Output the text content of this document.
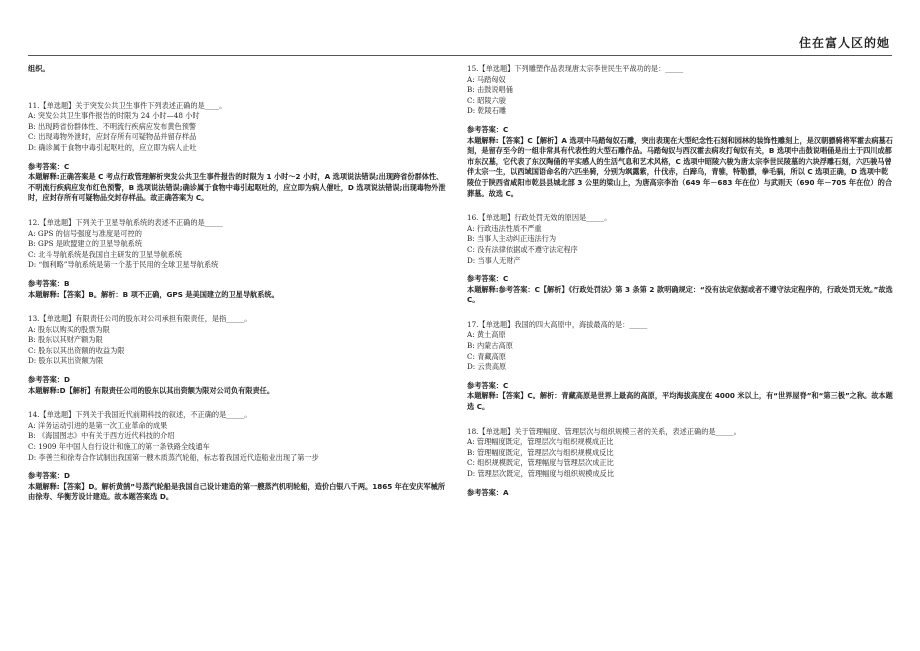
住在富人区的她
组织。
11.【单选题】关于突发公共卫生事件下列表述正确的是____。
A: 突发公共卫生事件报告的时限为 24 小时—48 小时
B: 出现跨省份群体性、不明流行疾病应发布黄色预警
C: 出现毒物外泄时，应封存所有可疑物品并留存样品
D: 确诊属于食物中毒引起呕吐的，应立即为病人止吐
参考答案：C
本题解释:正确答案是 C 考点行政管理解析突发公共卫生事件报告的时限为 1 小时～2 小时，A 选项说法错误;出现跨省份群体性、不明流行疾病应发布红色预警，B 选项说法错误;确诊属于食物中毒引起呕吐的，应立即为病人催吐，D 选项说法错误;出现毒物外泄时，应封存所有可疑物品交封存样品。故正确答案为 C。
12.【单选题】下列关于卫星导航系统的表述不正确的是_____
A: GPS 的信号强度与准度是可控的
B: GPS 是欧盟建立的卫星导航系统
C: 北斗导航系统是我国自主研发的卫星导航系统
D: “伽利略”导航系统是第一个基于民用的全球卫星导航系统
参考答案：B
本题解释:【答案】B。解析：B 项不正确，GPS 是美国建立的卫星导航系统。
13.【单选题】有限责任公司的股东对公司承担有限责任，是指_____。
A: 股东以购买的股票为限
B: 股东以其财产额为限
C: 股东以其出资额的收益为限
D: 股东以其出资额为限
参考答案：D
本题解释:D【解析】有限责任公司的股东以其出资额为限对公司负有限责任。
14.【单选题】下列关于我国近代前期科技的叙述，不正确的是_____。
A: 洋务运动引进的是第一次工业革命的成果
B: 《海国图志》中有关于西方近代科技的介绍
C: 1909 年中国人自行设计和施工的第一条铁路全线通车
D: 李善兰和徐寿合作试制出我国第一艘木质蒸汽轮船，标志着我国近代造船业出现了第一步
参考答案：D
本题解释:【答案】D。解析黄鹄”号蒸汽轮船是我国自己设计建造的第一艘蒸汽机明轮船，造价白银八千两。1865 年在安庆军械所由徐寿、华衡芳设计建造。故本题答案选 D。
15.【单选题】下列雕塑作品表现唐太宗李世民生平战功的是：_____
A: 马踏匈奴
B: 击鼓说唱俑
C: 昭陵六骏
D: 乾陵石雕
参考答案：C
本题解释:【答案】C【解析】A 选项中马踏匈奴石雕，突出表现在大型纪念性石刻和园林的装饰性雕刻上，是汉朝骠骑将军霍去病墓石刻，是留存至今的一组非常具有代表性的大型石雕作品。马踏匈奴与西汉霍去病攻打匈奴有关，B 选项中击鼓说唱俑是出土于四川成都市东汉墓，它代表了东汉陶俑的平实感人的生活气息和艺术风格，C 选项中昭陵六骏为唐太宗李世民陵墓的六块浮雕石刻，六匹骏马曾伴太宗一生，以西域国语命名的六匹坐骑，分别为飒露紫，什伐赤，白蹄乌，青骓，特勒骠，拳毛䯄，所以 C 选项正确，D 选项中乾陵位于陕西省咸阳市乾县县城北部 3 公里的梁山上，为唐高宗李治（649 年－683 年在位）与武则天（690 年－705 年在位）的合葬墓。故选 C。
16.【单选题】行政处罚无效的原因是_____。
A: 行政违法性质不严重
B: 当事人主动纠正违法行为
C: 没有法律依据或不遵守法定程序
D: 当事人无财产
参考答案：C
本题解释:参考答案：C【解析】《行政处罚法》第 3 条第 2 款明确规定：“没有法定依据或者不遵守法定程序的，行政处罚无效。”故选 C。
17.【单选题】我国的四大高原中，海拔最高的是：_____
A: 黄土高原
B: 内蒙古高原
C: 青藏高原
D: 云贵高原
参考答案：C
本题解释:【答案】C。解析：青藏高原是世界上最高的高原，平均海拔高度在 4000 米以上，有“世界屋脊”和“第三极”之称。故本题选 C。
18.【单选题】关于管理幅度、管理层次与组织规模三者的关系，表述正确的是_____。
A: 管理幅度既定，管理层次与组织规模成正比
B: 管理幅度既定，管理层次与组织规模成反比
C: 组织规模既定，管理幅度与管理层次成正比
D: 管理层次既定，管理幅度与组织规模成反比
参考答案：A
